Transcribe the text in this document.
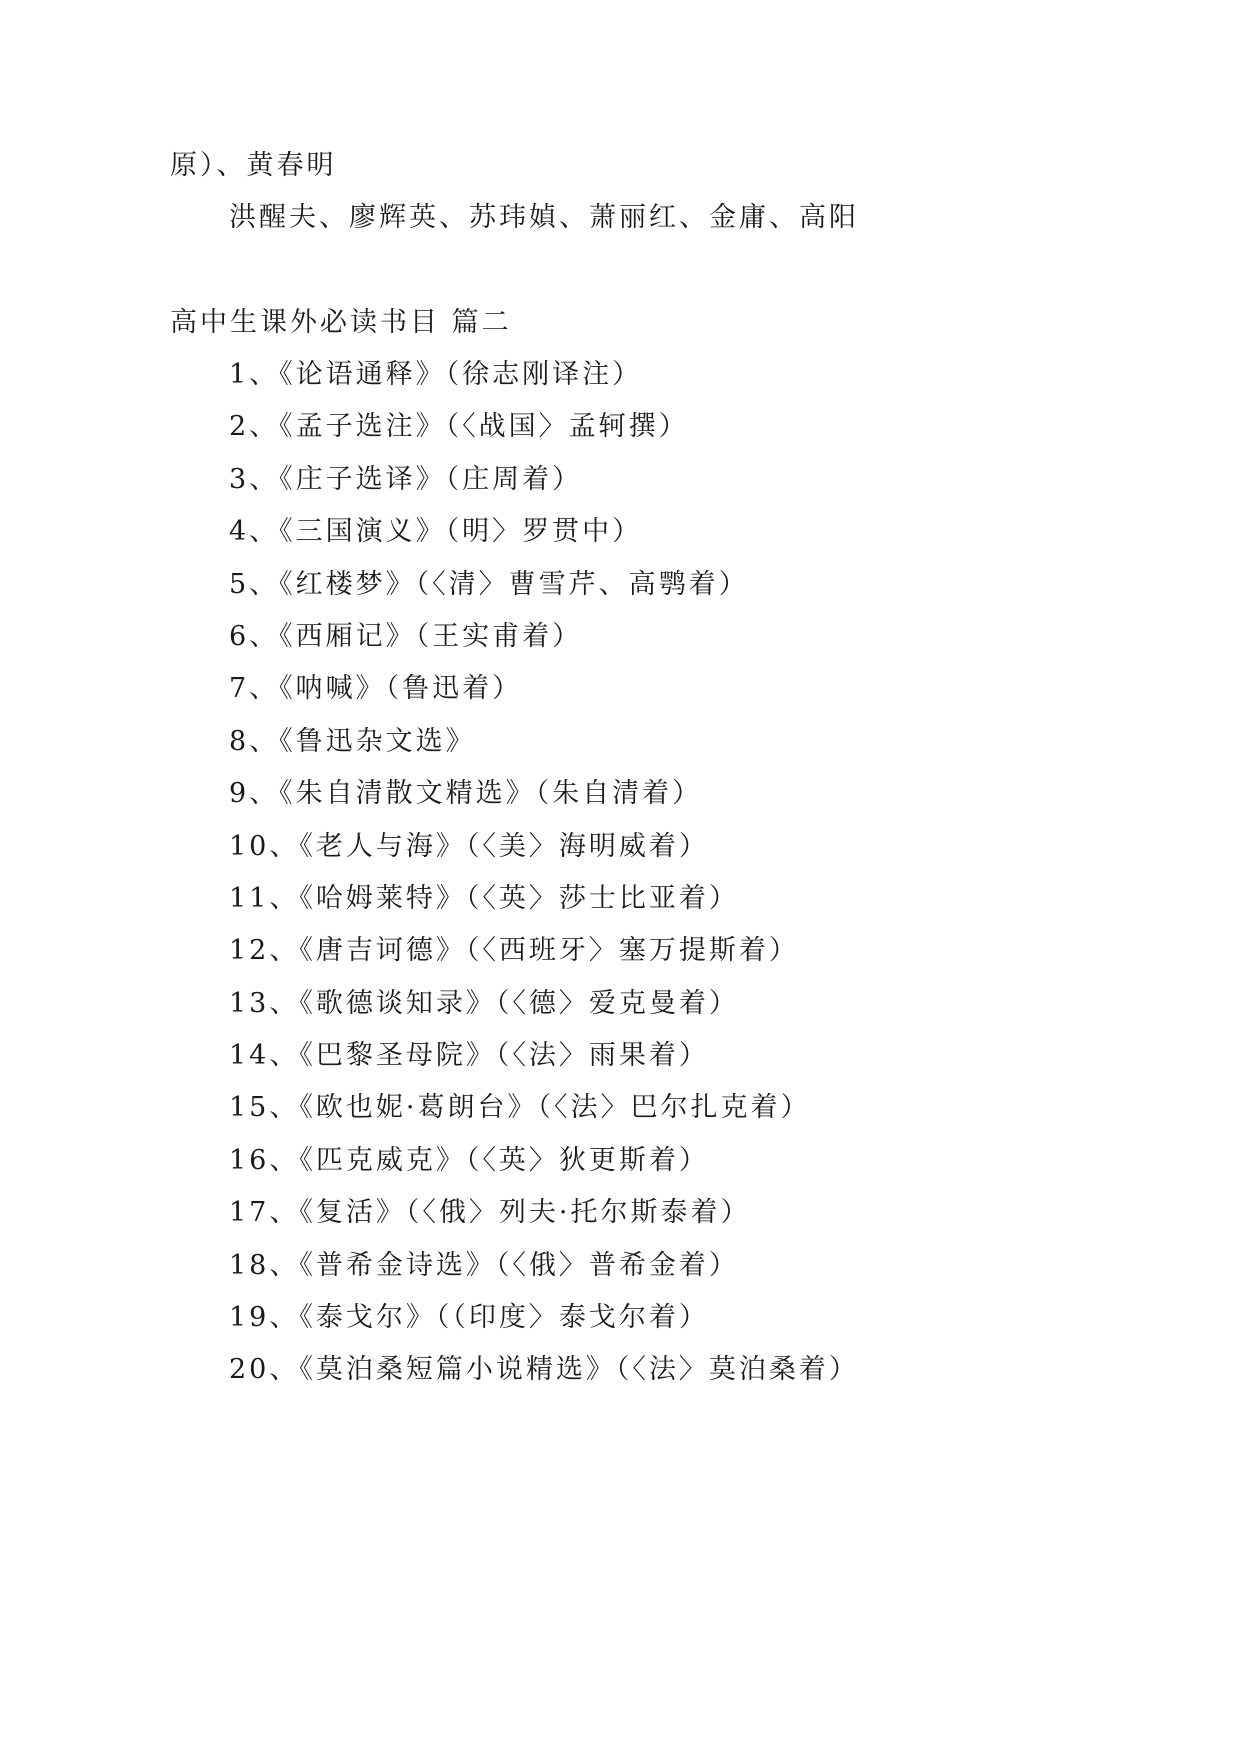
原）、黄春明
洪醒夫、廖辉英、苏玮媜、萧丽红、金庸、高阳
高中生课外必读书目 篇二
1、《论语通释》（徐志刚译注）
2、《孟子选注》（〈战国〉孟轲撰）
3、《庄子选译》（庄周着）
4、《三国演义》（明〉罗贯中）
5、《红楼梦》（〈清〉曹雪芹、高鹗着）
6、《西厢记》（王实甫着）
7、《呐喊》（鲁迅着）
8、《鲁迅杂文选》
9、《朱自清散文精选》（朱自清着）
10、《老人与海》（〈美〉海明威着）
11、《哈姆莱特》（〈英〉莎士比亚着）
12、《唐吉诃德》（〈西班牙〉塞万提斯着）
13、《歌德谈知录》（〈德〉爱克曼着）
14、《巴黎圣母院》（〈法〉雨果着）
15、《欧也妮·葛朗台》（〈法〉巴尔扎克着）
16、《匹克威克》（〈英〉狄更斯着）
17、《复活》（〈俄〉列夫·托尔斯泰着）
18、《普希金诗选》（〈俄〉普希金着）
19、《泰戈尔》（（印度〉泰戈尔着）
20、《莫泊桑短篇小说精选》（〈法〉莫泊桑着）
